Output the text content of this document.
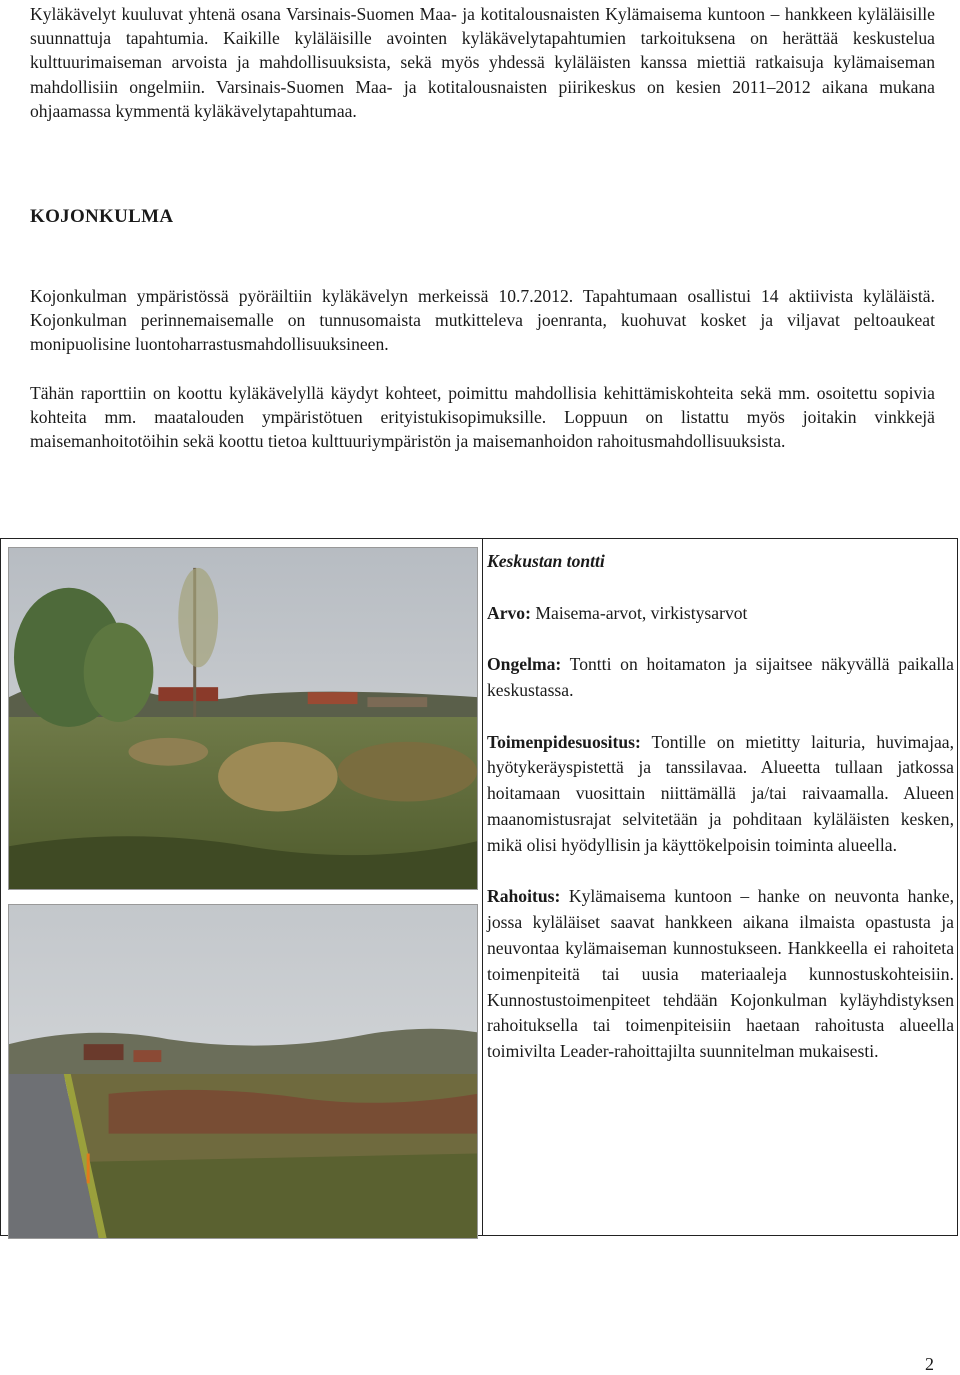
Kyläkävelyt kuuluvat yhtenä osana Varsinais-Suomen Maa- ja kotitalousnaisten Kylämaisema kuntoon – hankkeen kyläläisille suunnattuja tapahtumia. Kaikille kyläläisille avointen kyläkävelytapahtumien tarkoituksena on herättää keskustelua kulttuurimaiseman arvoista ja mahdollisuuksista, sekä myös yhdessä kyläläisten kanssa miettiä ratkaisuja kylämaiseman mahdollisiin ongelmiin. Varsinais-Suomen Maa- ja kotitalousnaisten piirikeskus on kesien 2011–2012 aikana mukana ohjaamassa kymmentä kyläkävelytapahtumaa.

KOJONKULMA

Kojonkulman ympäristössä pyöräiltiin kyläkävelyn merkeissä 10.7.2012. Tapahtumaan osallistui 14 aktiivista kyläläistä. Kojonkulman perinnemaisemalle on tunnusomaista mutkitteleva joenranta, kuohuvat kosket ja viljavat peltoaukeat monipuolisine luontoharrastusmahdollisuuksineen.

Tähän raporttiin on koottu kyläkävelyllä käydyt kohteet, poimittu mahdollisia kehittämiskohteita sekä mm. osoitettu sopivia kohteita mm. maatalouden ympäristötuen erityistukisopimuksille. Loppuun on listattu myös joitakin vinkkejä maisemanhoitotöihin sekä koottu tietoa kulttuuriympäristön ja maisemanhoidon rahoitusmahdollisuuksista.

Keskustan tontti

Arvo: Maisema-arvot, virkistysarvot

Ongelma: Tontti on hoitamaton ja sijaitsee näkyvällä paikalla keskustassa.

Toimenpidesuositus: Tontille on mietitty laituria, huvimajaa, hyötykeräyspistettä ja tanssilavaa. Alueetta tullaan jatkossa hoitamaan vuosittain niittämällä ja/tai raivaamalla. Alueen maanomistusrajat selvitetään ja pohditaan kyläläisten kesken, mikä olisi hyödyllisin ja käyttökelpoisin toiminta alueella.

Rahoitus: Kylämaisema kuntoon – hanke on neuvonta hanke, jossa kyläläiset saavat hankkeen aikana ilmaista opastusta ja neuvontaa kylämaiseman kunnostukseen. Hankkeella ei rahoiteta toimenpiteitä tai uusia materiaaleja kunnostuskohteisiin. Kunnostustoimenpiteet tehdään Kojonkulman kyläyhdistyksen rahoituksella tai toimenpiteisiin haetaan rahoitusta alueella toimivilta Leader-rahoittajilta suunnitelman mukaisesti.

2
